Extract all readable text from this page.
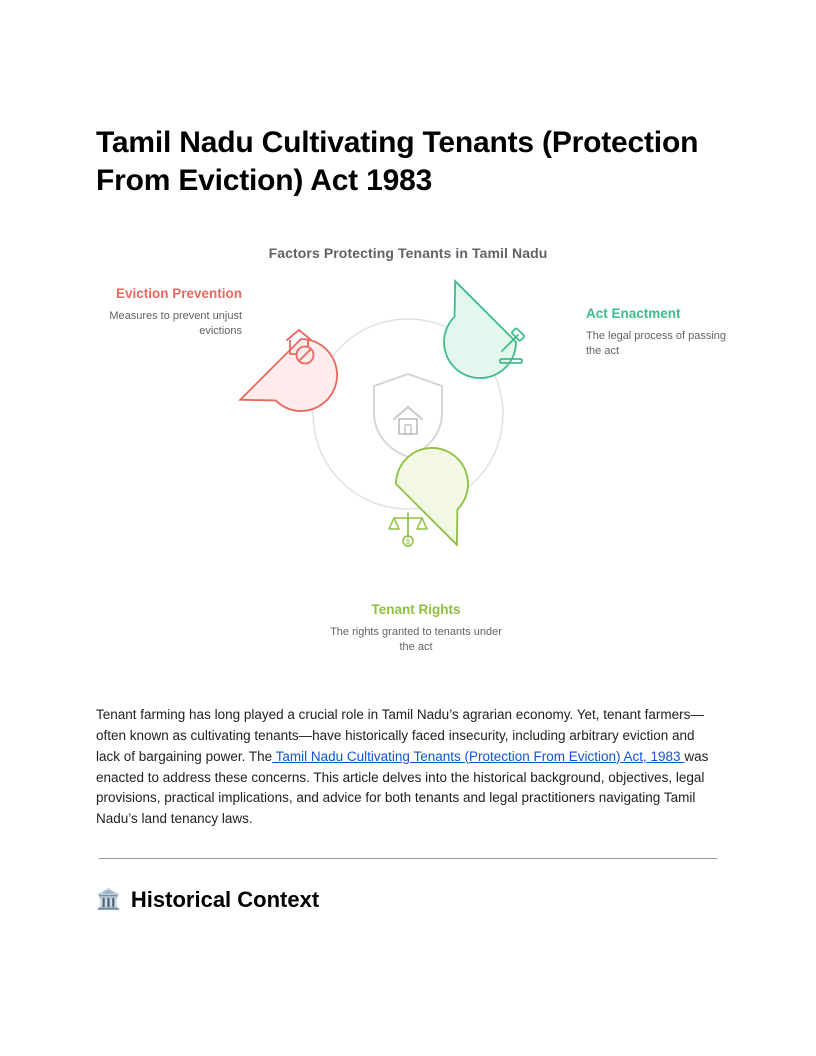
Tamil Nadu Cultivating Tenants (Protection From Eviction) Act 1983

Factors Protecting Tenants in Tamil Nadu

$

Eviction Prevention

Measures to prevent unjust evictions

Act Enactment

The legal process of passing the act

Tenant Rights

The rights granted to tenants under the act

Tenant farming has long played a crucial role in Tamil Nadu’s agrarian economy. Yet, tenant farmers—often known as cultivating tenants—have historically faced insecurity, including arbitrary eviction and lack of bargaining power. The Tamil Nadu Cultivating Tenants (Protection From Eviction) Act, 1983 was enacted to address these concerns. This article delves into the historical background, objectives, legal provisions, practical implications, and advice for both tenants and legal practitioners navigating Tamil Nadu’s land tenancy laws.

🏛️ Historical Context
